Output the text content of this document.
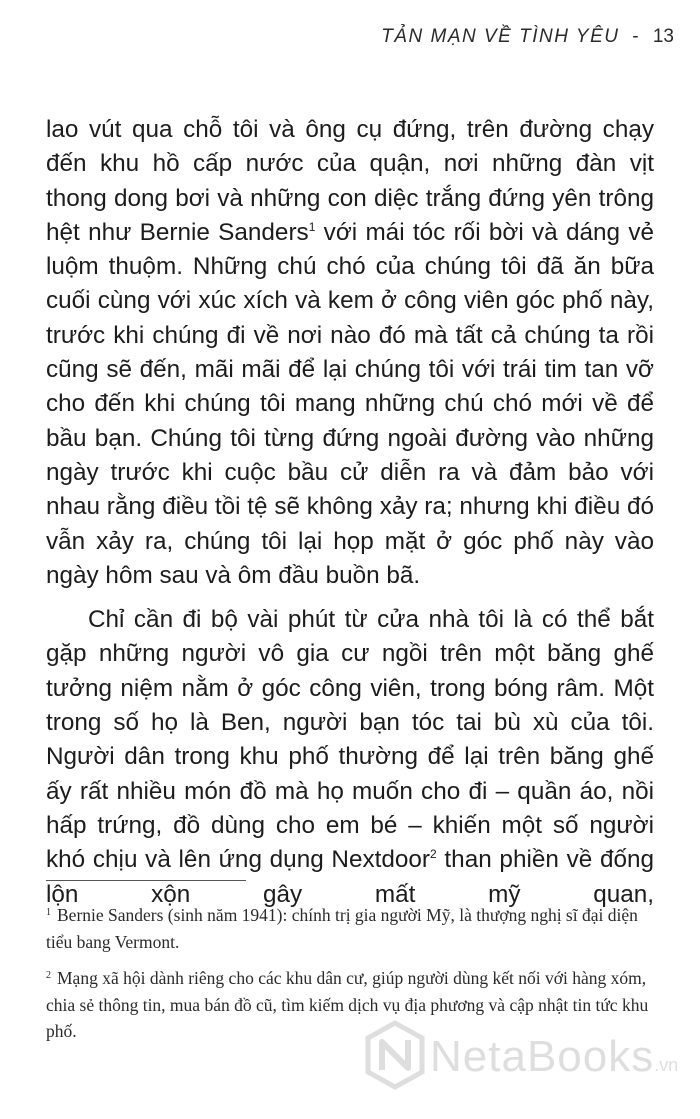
TẢN MẠN VỀ TÌNH YÊU - 13

lao vút qua chỗ tôi và ông cụ đứng, trên đường chạy đến khu hồ cấp nước của quận, nơi những đàn vịt thong dong bơi và những con diệc trắng đứng yên trông hệt như Bernie Sanders$^1$ với mái tóc rối bời và dáng vẻ luộm thuộm. Những chú chó của chúng tôi đã ăn bữa cuối cùng với xúc xích và kem ở công viên góc phố này, trước khi chúng đi về nơi nào đó mà tất cả chúng ta rồi cũng sẽ đến, mãi mãi để lại chúng tôi với trái tim tan vỡ cho đến khi chúng tôi mang những chú chó mới về để bầu bạn. Chúng tôi từng đứng ngoài đường vào những ngày trước khi cuộc bầu cử diễn ra và đảm bảo với nhau rằng điều tồi tệ sẽ không xảy ra; nhưng khi điều đó vẫn xảy ra, chúng tôi lại họp mặt ở góc phố này vào ngày hôm sau và ôm đầu buồn bã.

Chỉ cần đi bộ vài phút từ cửa nhà tôi là có thể bắt gặp những người vô gia cư ngồi trên một băng ghế tưởng niệm nằm ở góc công viên, trong bóng râm. Một trong số họ là Ben, người bạn tóc tai bù xù của tôi. Người dân trong khu phố thường để lại trên băng ghế ấy rất nhiều món đồ mà họ muốn cho đi – quần áo, nồi hấp trứng, đồ dùng cho em bé – khiến một số người khó chịu và lên ứng dụng Nextdoor$^2$ than phiền về đống lộn xộn gây mất mỹ quan,

$^1$ Bernie Sanders (sinh năm 1941): chính trị gia người Mỹ, là thượng nghị sĩ đại diện tiểu bang Vermont.

$^2$ Mạng xã hội dành riêng cho các khu dân cư, giúp người dùng kết nối với hàng xóm, chia sẻ thông tin, mua bán đồ cũ, tìm kiếm dịch vụ địa phương và cập nhật tin tức khu phố.

NetaBooks.vn
